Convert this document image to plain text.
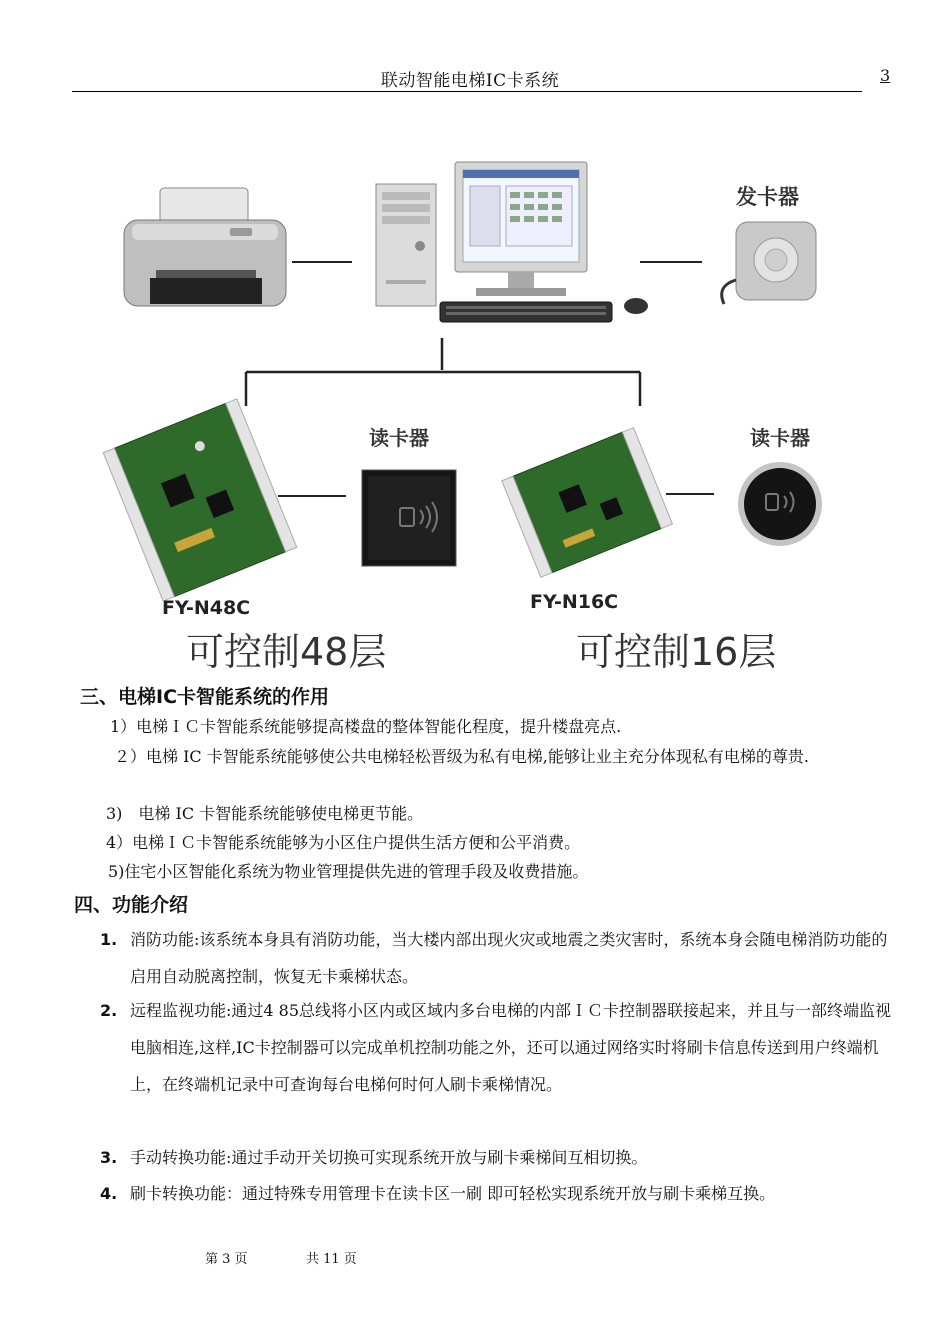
联动智能电梯IC卡系统	3
发卡器
读卡器	读卡器
FY-N48C	FY-N16C
可控制48层	可控制16层
三、电梯IC卡智能系统的作用
1）电梯ＩＣ卡智能系统能够提高楼盘的整体智能化程度，提升楼盘亮点.
２）电梯 IC 卡智能系统能够使公共电梯轻松晋级为私有电梯,能够让业主充分体现私有电梯的尊贵.
3)　电梯 IC 卡智能系统能够使电梯更节能。
4）电梯ＩＣ卡智能系统能够为小区住户提供生活方便和公平消费。
5)住宅小区智能化系统为物业管理提供先进的管理手段及收费措施。
四、功能介绍
1. 消防功能:该系统本身具有消防功能，当大楼内部出现火灾或地震之类灾害时，系统本身会随电梯消防功能的启用自动脱离控制，恢复无卡乘梯状态。
2. 远程监视功能:通过4 85总线将小区内或区域内多台电梯的内部ＩＣ卡控制器联接起来，并且与一部终端监视电脑相连,这样,IC卡控制器可以完成单机控制功能之外，还可以通过网络实时将刷卡信息传送到用户终端机上，在终端机记录中可查询每台电梯何时何人刷卡乘梯情况。
3. 手动转换功能:通过手动开关切换可实现系统开放与刷卡乘梯间互相切换。
4. 刷卡转换功能：通过特殊专用管理卡在读卡区一刷 即可轻松实现系统开放与刷卡乘梯互换。
第 3 页	共 11 页
